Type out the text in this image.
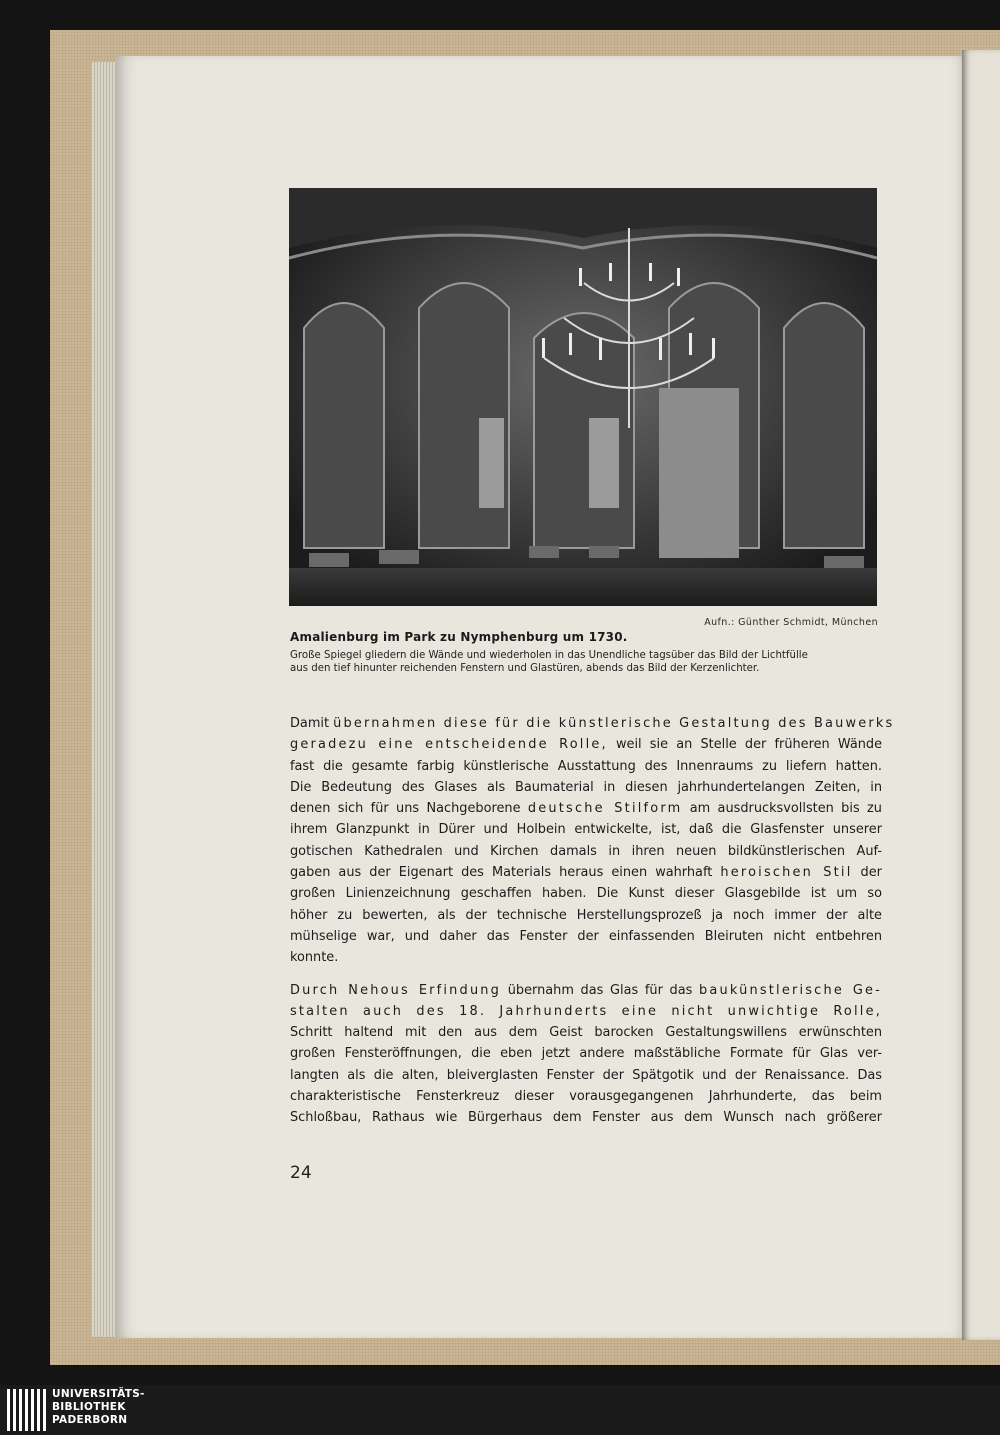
Aufn.: Günther Schmidt, München
Amalienburg im Park zu Nymphenburg um 1730.
Große Spiegel gliedern die Wände und wiederholen in das Unendliche tagsüber das Bild der Lichtfülle
aus den tief hinunter reichenden Fenstern und Glastüren, abends das Bild der Kerzenlichter.
Damit übernahmen diese für die künstlerische Gestaltung des Bauwerks
geradezu eine entscheidende Rolle, weil sie an Stelle der früheren Wände
fast die gesamte farbig künstlerische Ausstattung des Innenraums zu liefern hatten.
Die Bedeutung des Glases als Baumaterial in diesen jahrhundertelangen Zeiten, in
denen sich für uns Nachgeborene deutsche Stilform am ausdrucksvollsten bis zu
ihrem Glanzpunkt in Dürer und Holbein entwickelte, ist, daß die Glasfenster unserer
gotischen Kathedralen und Kirchen damals in ihren neuen bildkünstlerischen Auf-
gaben aus der Eigenart des Materials heraus einen wahrhaft heroischen Stil der
großen Linienzeichnung geschaffen haben. Die Kunst dieser Glasgebilde ist um so
höher zu bewerten, als der technische Herstellungsprozeß ja noch immer der alte
mühselige war, und daher das Fenster der einfassenden Bleiruten nicht entbehren
konnte.
Durch Nehous Erfindung übernahm das Glas für das baukünstlerische Ge-
stalten auch des 18. Jahrhunderts eine nicht unwichtige Rolle,
Schritt haltend mit den aus dem Geist barocken Gestaltungswillens erwünschten
großen Fensteröffnungen, die eben jetzt andere maßstäbliche Formate für Glas ver-
langten als die alten, bleiverglasten Fenster der Spätgotik und der Renaissance. Das
charakteristische Fensterkreuz dieser vorausgegangenen Jahrhunderte, das beim
Schloßbau, Rathaus wie Bürgerhaus dem Fenster aus dem Wunsch nach größerer
24
UNIVERSITÄTS-
BIBLIOTHEK
PADERBORN
